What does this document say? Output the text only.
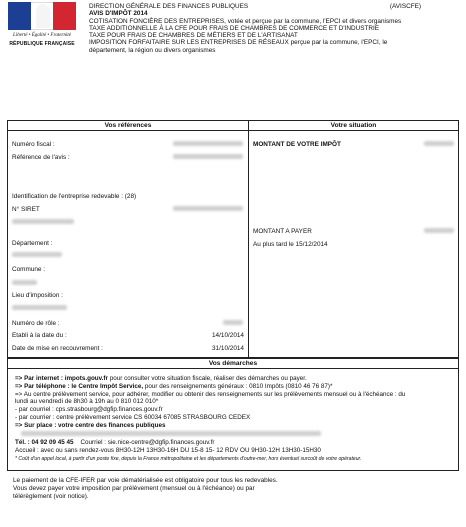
Liberté • Égalité • Fraternité
RÉPUBLIQUE FRANÇAISE
DIRECTION GÉNÉRALE DES FINANCES PUBLIQUES	(AVISCFE)
AVIS D'IMPÔT 2014
COTISATION FONCIÈRE DES ENTREPRISES, votée et perçue par la commune, l'EPCI et divers organismes
TAXE ADDITIONNELLE À LA CFE POUR FRAIS DE CHAMBRES DE COMMERCE ET D'INDUSTRIE
TAXE POUR FRAIS DE CHAMBRES DE MÉTIERS ET DE L'ARTISANAT
IMPOSITION FORFAITAIRE SUR LES ENTREPRISES DE RÉSEAUX perçue par la commune, l'EPCI, le
département, la région ou divers organismes
Vos références
Numéro fiscal :
Référence de l'avis :
Identification de l'entreprise redevable : (28)
N° SIRET
Département :
Commune :
Lieu d'imposition :
Numéro de rôle :
Etabli à la date du :	14/10/2014
Date de mise en recouvrement :	31/10/2014
Votre situation
MONTANT DE VOTRE IMPÔT
MONTANT A PAYER
Au plus tard le 15/12/2014
Vos démarches
=> Par internet : impots.gouv.fr pour consulter votre situation fiscale, réaliser des démarches ou payer.
=> Par téléphone : le Centre Impôt Service, pour des renseignements généraux : 0810 Impôts (0810 46 76 87)*
=> Au centre prélèvement service, pour adhérer, modifier ou obtenir des renseignements sur les prélèvements mensuel ou à l'échéance : du
lundi au vendredi de 8h30 à 19h au 0 810 012 010*
- par courriel : cps.strasbourg@dgfip.finances.gouv.fr
- par courrier : centre prélèvement service CS 60034 67085 STRASBOURG CEDEX
=> Sur place : votre centre des finances publiques
Tél. : 04 92 09 45 45 Courriel : sie.nice-centre@dgfip.finances.gouv.fr
Accueil : avec ou sans rendez-vous 8H30-12H 13H30-16H DU 15-8 15- 12 RDV OU 9H30-12H 13H30-15H30
* Coût d'un appel local, à partir d'un poste fixe, depuis la France métropolitaine et les départements d'outre-mer, hors éventuel surcoût de votre opérateur.
Le paiement de la CFE-IFER par voie dématérialisée est obligatoire pour tous les redevables.
Vous devez payer votre imposition par prélèvement (mensuel ou à l'échéance) ou par
télérèglement (voir notice).
